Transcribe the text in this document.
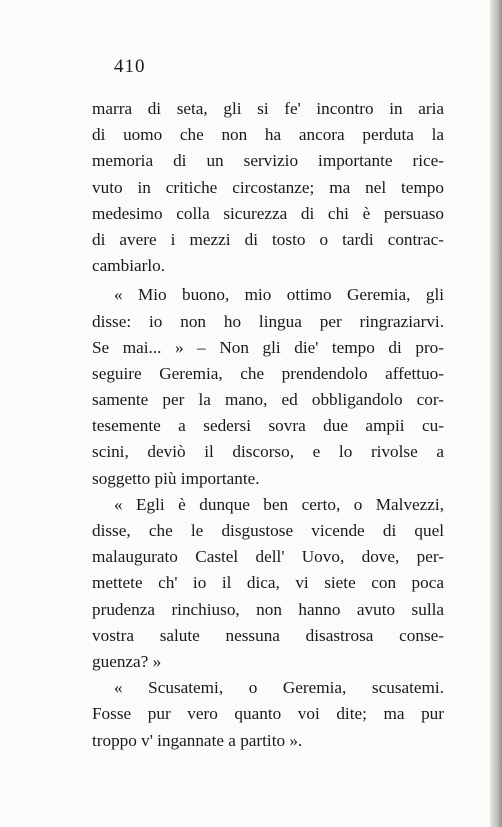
410
marra di seta, gli si fe' incontro in aria
di uomo che non ha ancora perduta la
memoria di un servizio importante rice-
vuto in critiche circostanze; ma nel tempo
medesimo colla sicurezza di chi è persuaso
di avere i mezzi di tosto o tardi contrac-
cambiarlo.
« Mio buono, mio ottimo Geremia, gli
disse: io non ho lingua per ringraziarvi.
Se mai... » – Non gli die' tempo di pro-
seguire Geremia, che prendendolo affettuo-
samente per la mano, ed obbligandolo cor-
tesemente a sedersi sovra due ampii cu-
scini, deviò il discorso, e lo rivolse a
soggetto più importante.
« Egli è dunque ben certo, o Malvezzi,
disse, che le disgustose vicende di quel
malaugurato Castel dell' Uovo, dove, per-
mettete ch' io il dica, vi siete con poca
prudenza rinchiuso, non hanno avuto sulla
vostra salute nessuna disastrosa conse-
guenza? »
« Scusatemi, o Geremia, scusatemi.
Fosse pur vero quanto voi dite; ma pur
troppo v' ingannate a partito ».
